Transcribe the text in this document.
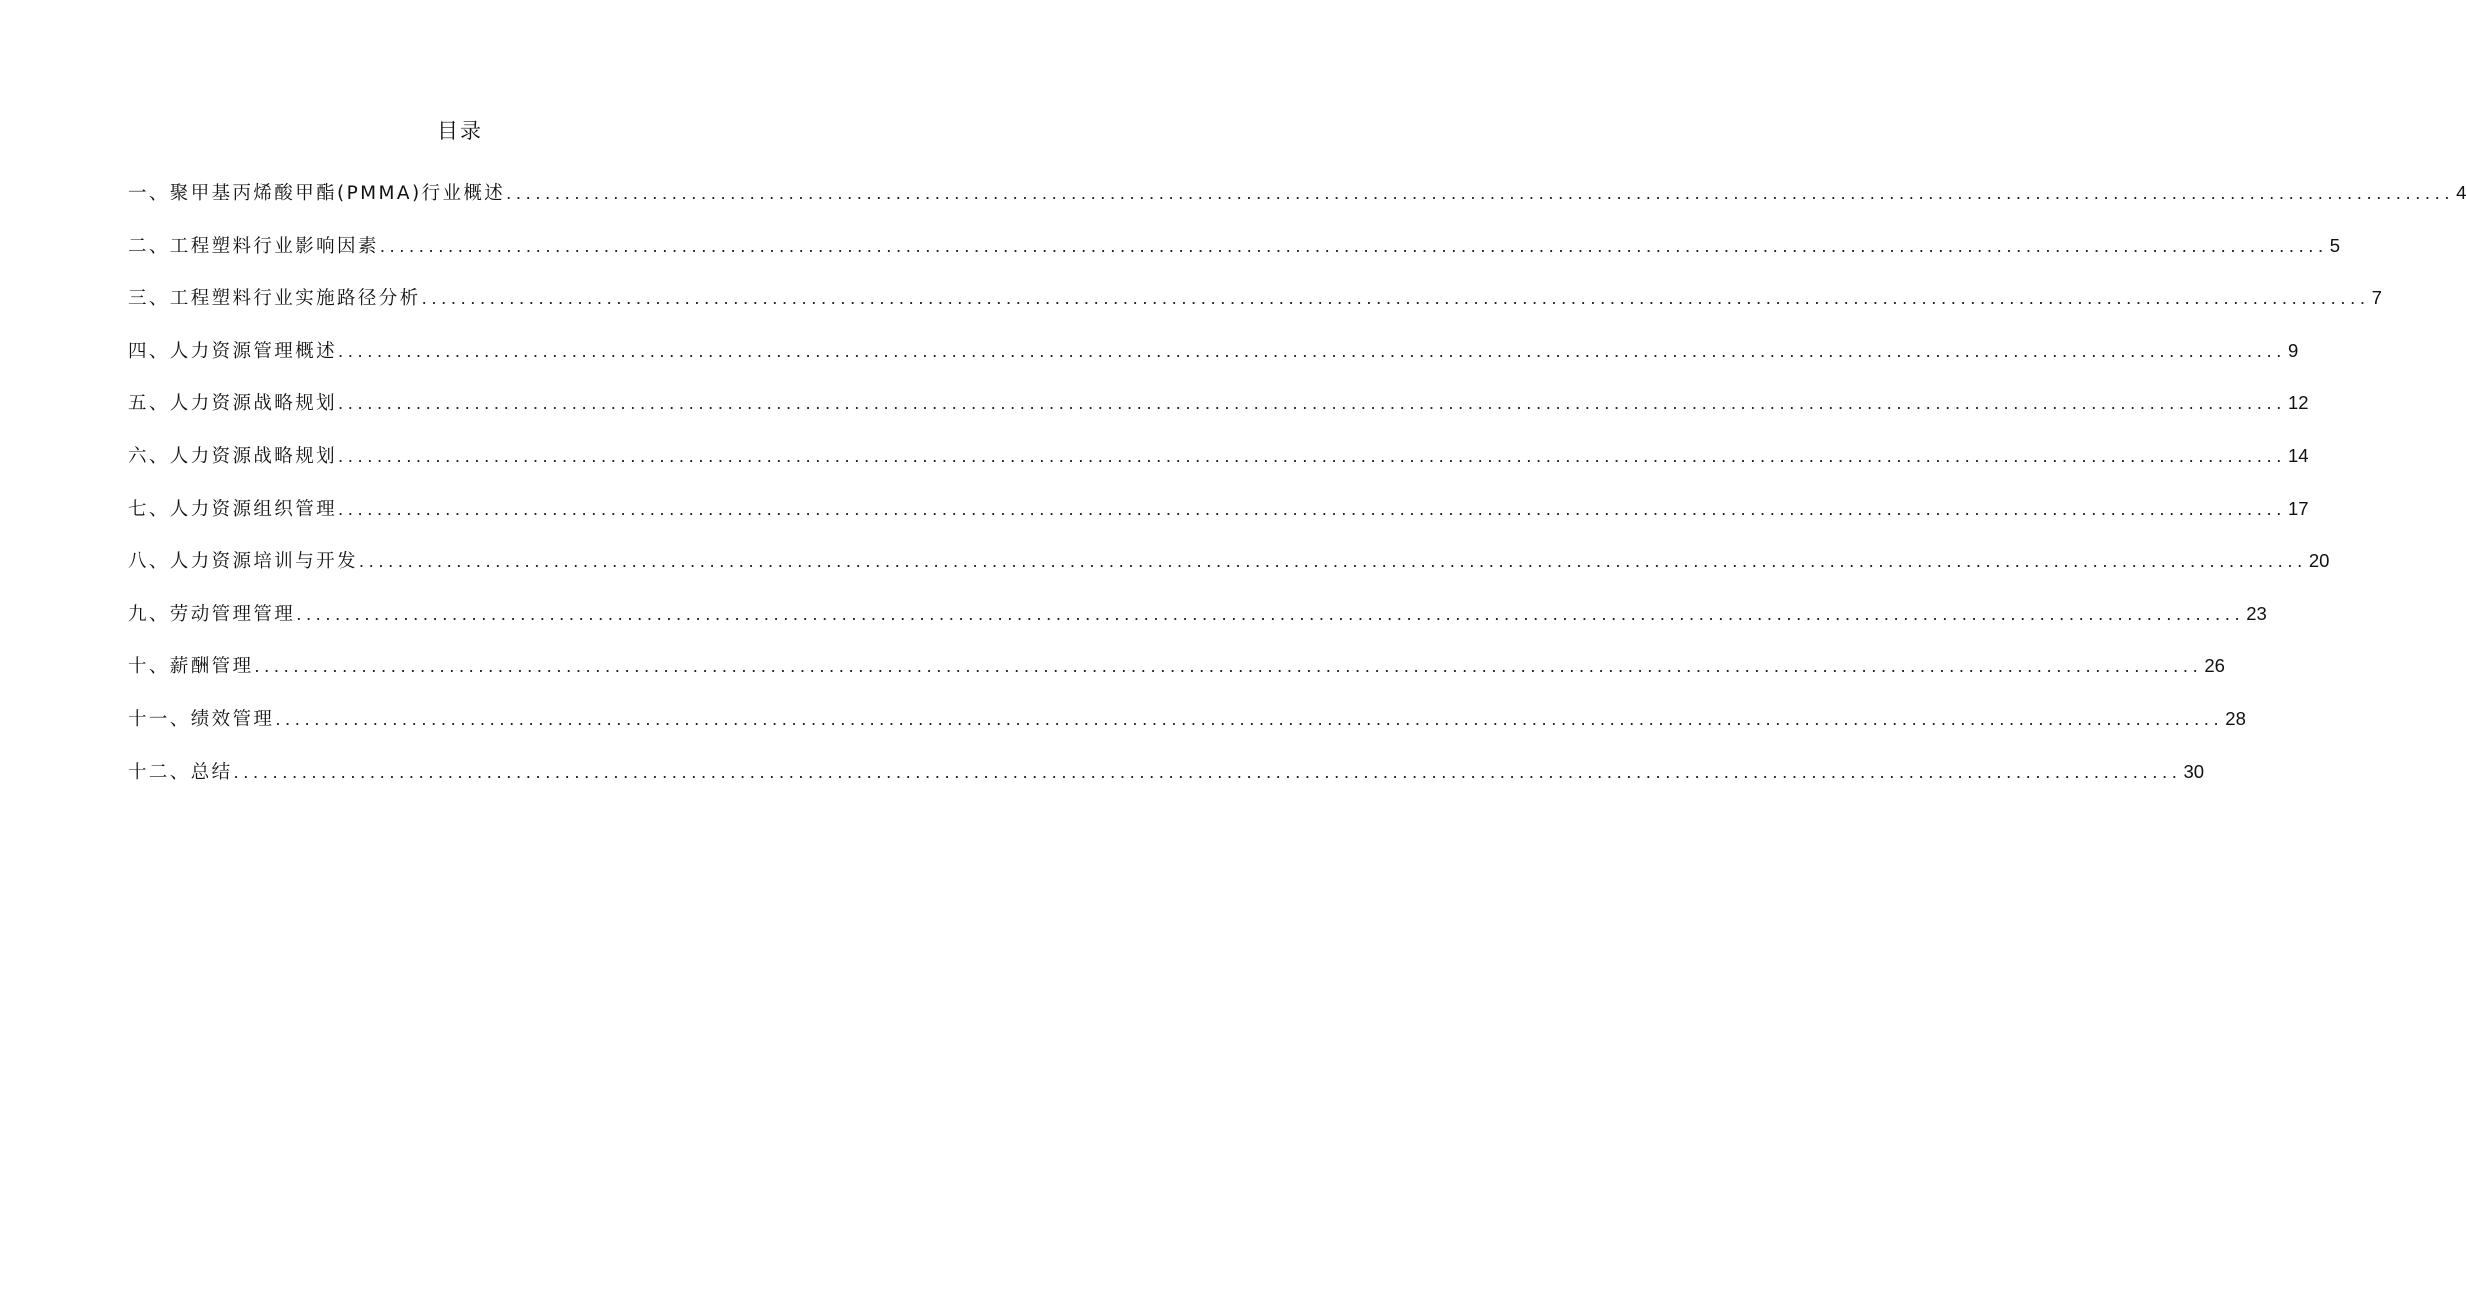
目录
一、聚甲基丙烯酸甲酯(PMMA)行业概述 ........................................................................................................................................................................................................ 4
二、工程塑料行业影响因素 ........................................................................................................................................................................................................ 5
三、工程塑料行业实施路径分析 ........................................................................................................................................................................................................ 7
四、人力资源管理概述 ........................................................................................................................................................................................................ 9
五、人力资源战略规划 ........................................................................................................................................................................................................ 12
六、人力资源战略规划 ........................................................................................................................................................................................................ 14
七、人力资源组织管理 ........................................................................................................................................................................................................ 17
八、人力资源培训与开发 ........................................................................................................................................................................................................ 20
九、劳动管理管理 ........................................................................................................................................................................................................ 23
十、薪酬管理 ........................................................................................................................................................................................................ 26
十一、绩效管理 ........................................................................................................................................................................................................ 28
十二、总结 ........................................................................................................................................................................................................ 30
